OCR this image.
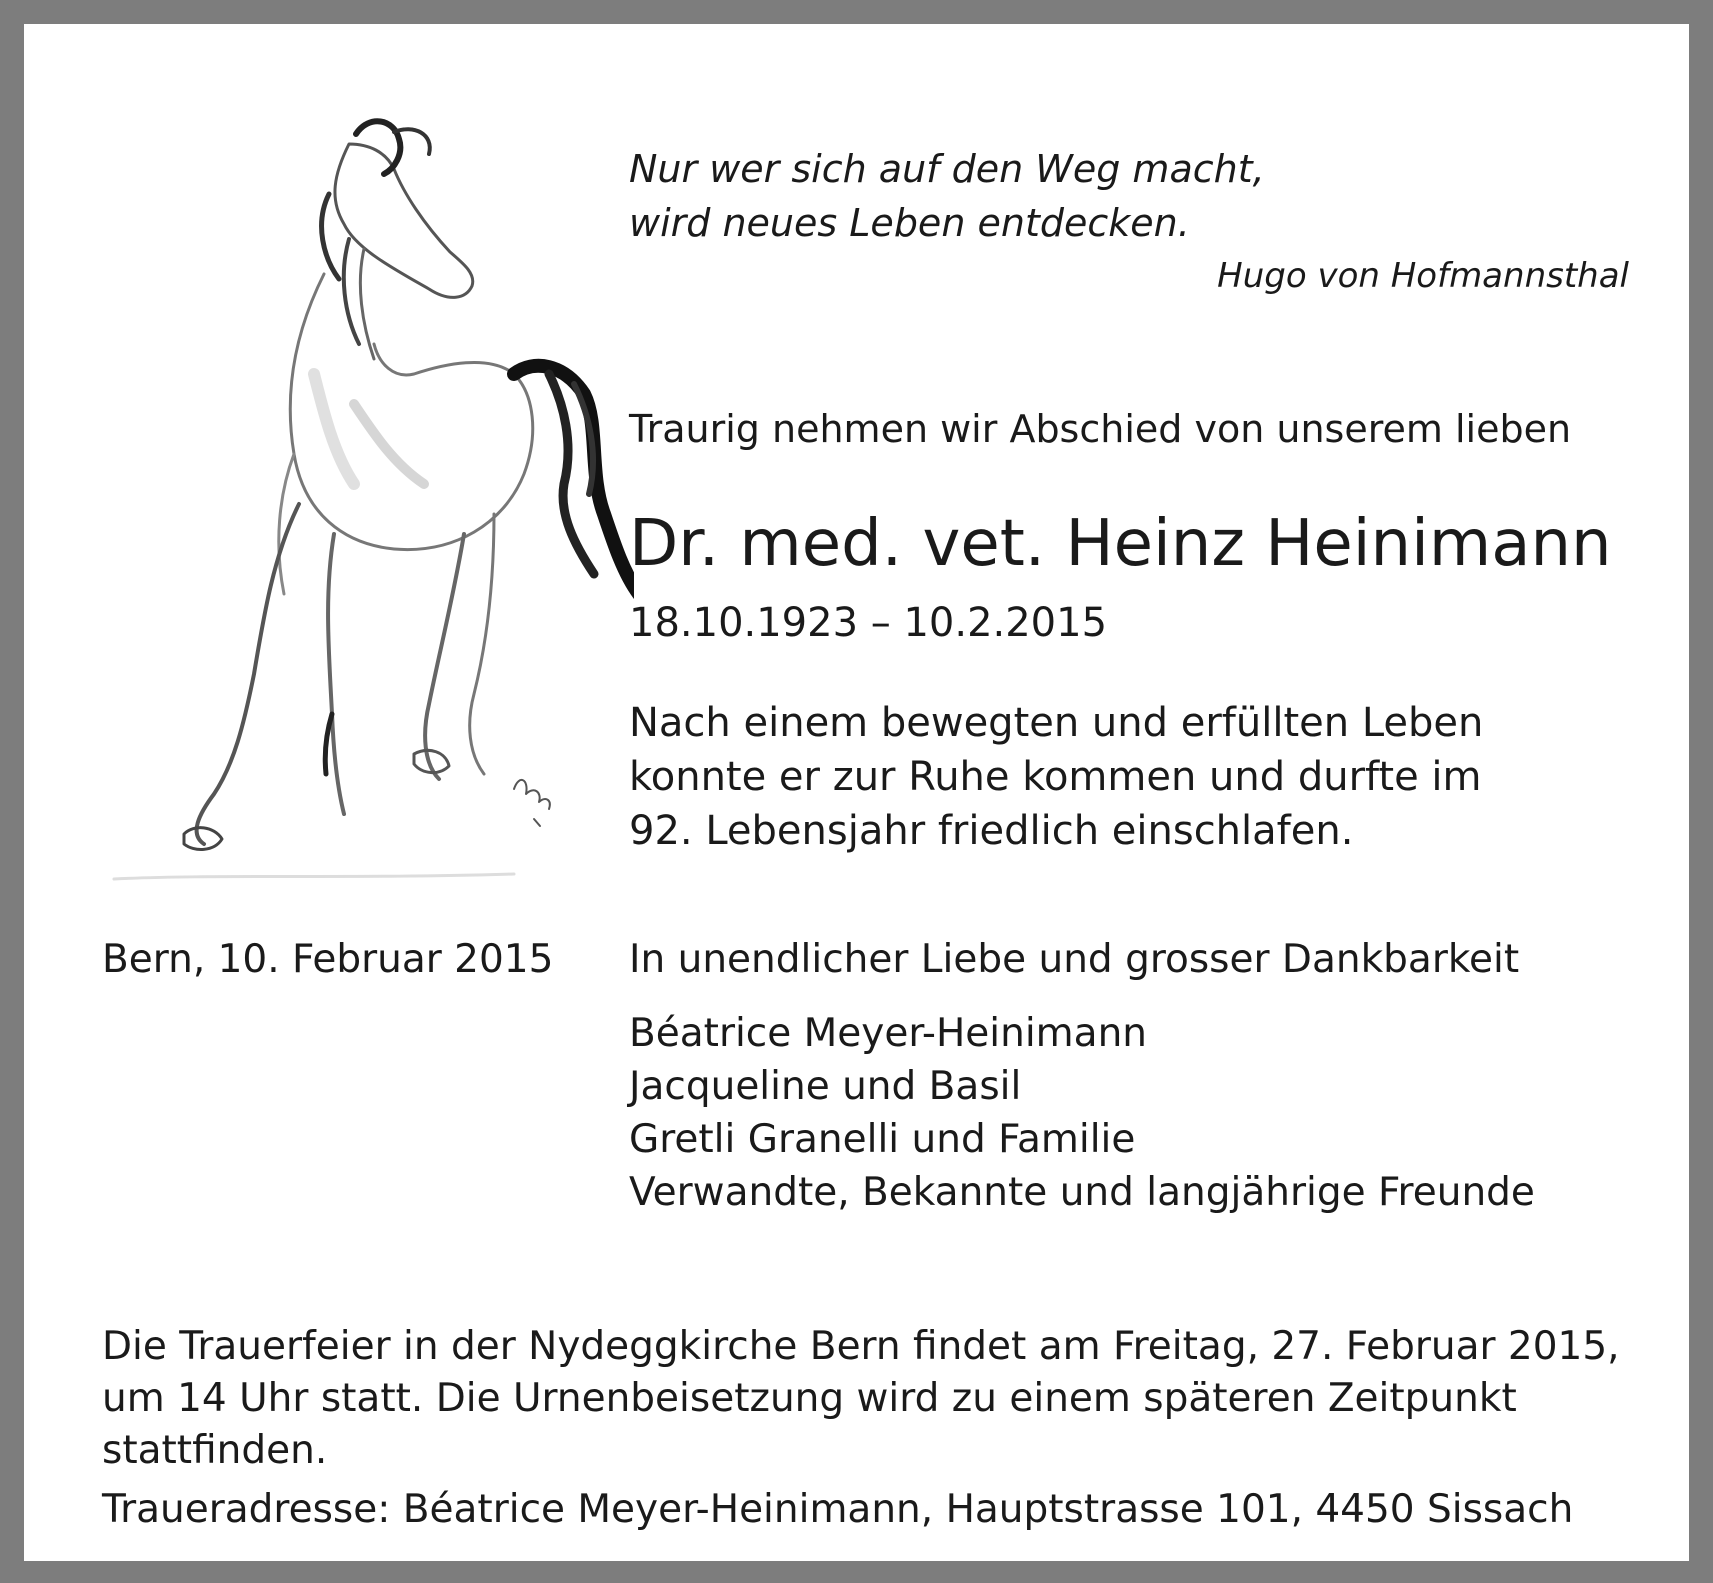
Nur wer sich auf den Weg macht,
wird neues Leben entdecken.
Hugo von Hofmannsthal
Traurig nehmen wir Abschied von unserem lieben
Dr. med. vet. Heinz Heinimann
18.10.1923 – 10.2.2015
Nach einem bewegten und erfüllten Leben
konnte er zur Ruhe kommen und durfte im
92. Lebensjahr friedlich einschlafen.
Bern, 10. Februar 2015 In unendlicher Liebe und grosser Dankbarkeit
Béatrice Meyer-Heinimann
Jacqueline und Basil
Gretli Granelli und Familie
Verwandte, Bekannte und langjährige Freunde
Die Trauerfeier in der Nydeggkirche Bern findet am Freitag, 27. Februar 2015,
um 14 Uhr statt. Die Urnenbeisetzung wird zu einem späteren Zeitpunkt
stattfinden.
Traueradresse: Béatrice Meyer-Heinimann, Hauptstrasse 101, 4450 Sissach
